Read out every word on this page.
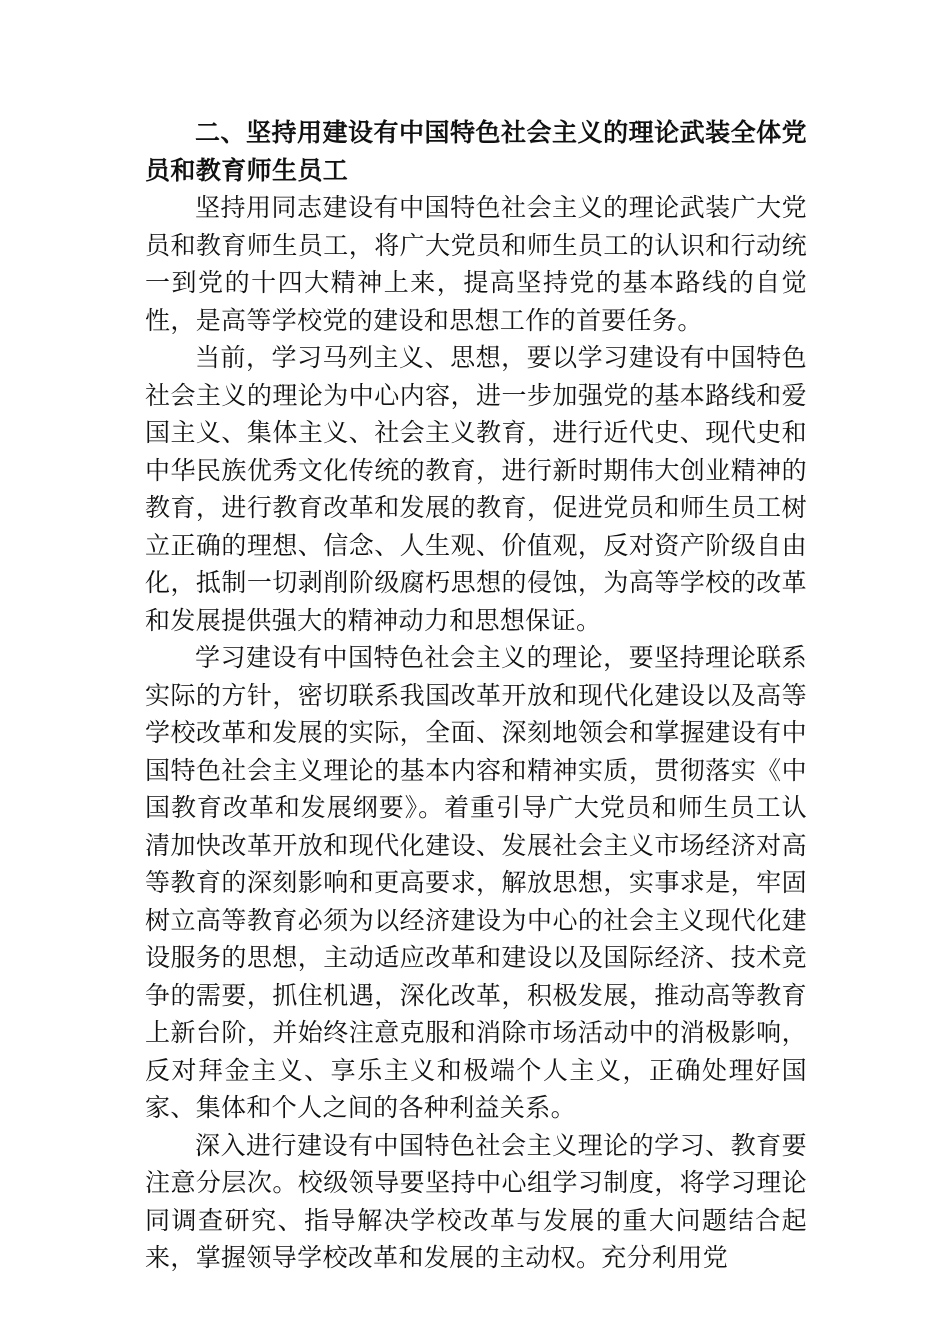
二、坚持用建设有中国特色社会主义的理论武装全体党员和教育师生员工

坚持用同志建设有中国特色社会主义的理论武装广大党员和教育师生员工，将广大党员和师生员工的认识和行动统一到党的十四大精神上来，提高坚持党的基本路线的自觉性，是高等学校党的建设和思想工作的首要任务。

当前，学习马列主义、思想，要以学习建设有中国特色社会主义的理论为中心内容，进一步加强党的基本路线和爱国主义、集体主义、社会主义教育，进行近代史、现代史和中华民族优秀文化传统的教育，进行新时期伟大创业精神的教育，进行教育改革和发展的教育，促进党员和师生员工树立正确的理想、信念、人生观、价值观，反对资产阶级自由化，抵制一切剥削阶级腐朽思想的侵蚀，为高等学校的改革和发展提供强大的精神动力和思想保证。

学习建设有中国特色社会主义的理论，要坚持理论联系实际的方针，密切联系我国改革开放和现代化建设以及高等学校改革和发展的实际，全面、深刻地领会和掌握建设有中国特色社会主义理论的基本内容和精神实质，贯彻落实《中国教育改革和发展纲要》。着重引导广大党员和师生员工认清加快改革开放和现代化建设、发展社会主义市场经济对高等教育的深刻影响和更高要求，解放思想，实事求是，牢固树立高等教育必须为以经济建设为中心的社会主义现代化建设服务的思想，主动适应改革和建设以及国际经济、技术竞争的需要，抓住机遇，深化改革，积极发展，推动高等教育上新台阶，并始终注意克服和消除市场活动中的消极影响，反对拜金主义、享乐主义和极端个人主义，正确处理好国家、集体和个人之间的各种利益关系。

深入进行建设有中国特色社会主义理论的学习、教育要注意分层次。校级领导要坚持中心组学习制度，将学习理论同调查研究、指导解决学校改革与发展的重大问题结合起来，掌握领导学校改革和发展的主动权。充分利用党
